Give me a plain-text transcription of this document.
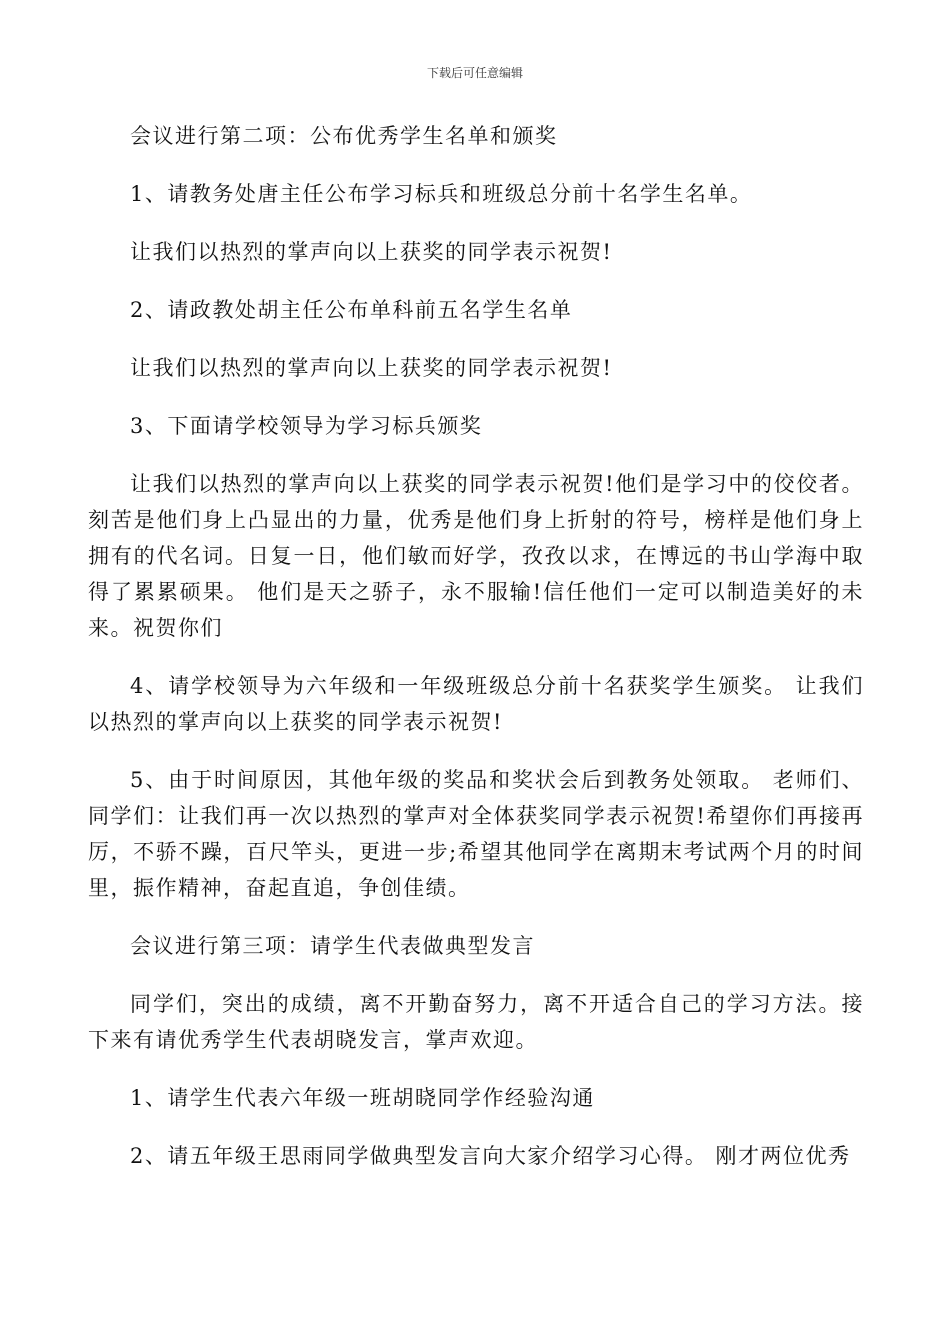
下载后可任意编辑

会议进行第二项：公布优秀学生名单和颁奖

1、请教务处唐主任公布学习标兵和班级总分前十名学生名单。

让我们以热烈的掌声向以上获奖的同学表示祝贺!

2、请政教处胡主任公布单科前五名学生名单

让我们以热烈的掌声向以上获奖的同学表示祝贺!

3、下面请学校领导为学习标兵颁奖

让我们以热烈的掌声向以上获奖的同学表示祝贺!他们是学习中的佼佼者。刻苦是他们身上凸显出的力量，优秀是他们身上折射的符号，榜样是他们身上拥有的代名词。日复一日，他们敏而好学，孜孜以求，在博远的书山学海中取得了累累硕果。 他们是天之骄子，永不服输!信任他们一定可以制造美好的未来。祝贺你们

4、请学校领导为六年级和一年级班级总分前十名获奖学生颁奖。 让我们以热烈的掌声向以上获奖的同学表示祝贺!

5、由于时间原因，其他年级的奖品和奖状会后到教务处领取。 老师们、同学们：让我们再一次以热烈的掌声对全体获奖同学表示祝贺!希望你们再接再厉，不骄不躁，百尺竿头，更进一步;希望其他同学在离期末考试两个月的时间里，振作精神，奋起直追，争创佳绩。

会议进行第三项：请学生代表做典型发言

同学们，突出的成绩，离不开勤奋努力，离不开适合自己的学习方法。接下来有请优秀学生代表胡晓发言，掌声欢迎。

1、请学生代表六年级一班胡晓同学作经验沟通

2、请五年级王思雨同学做典型发言向大家介绍学习心得。 刚才两位优秀
